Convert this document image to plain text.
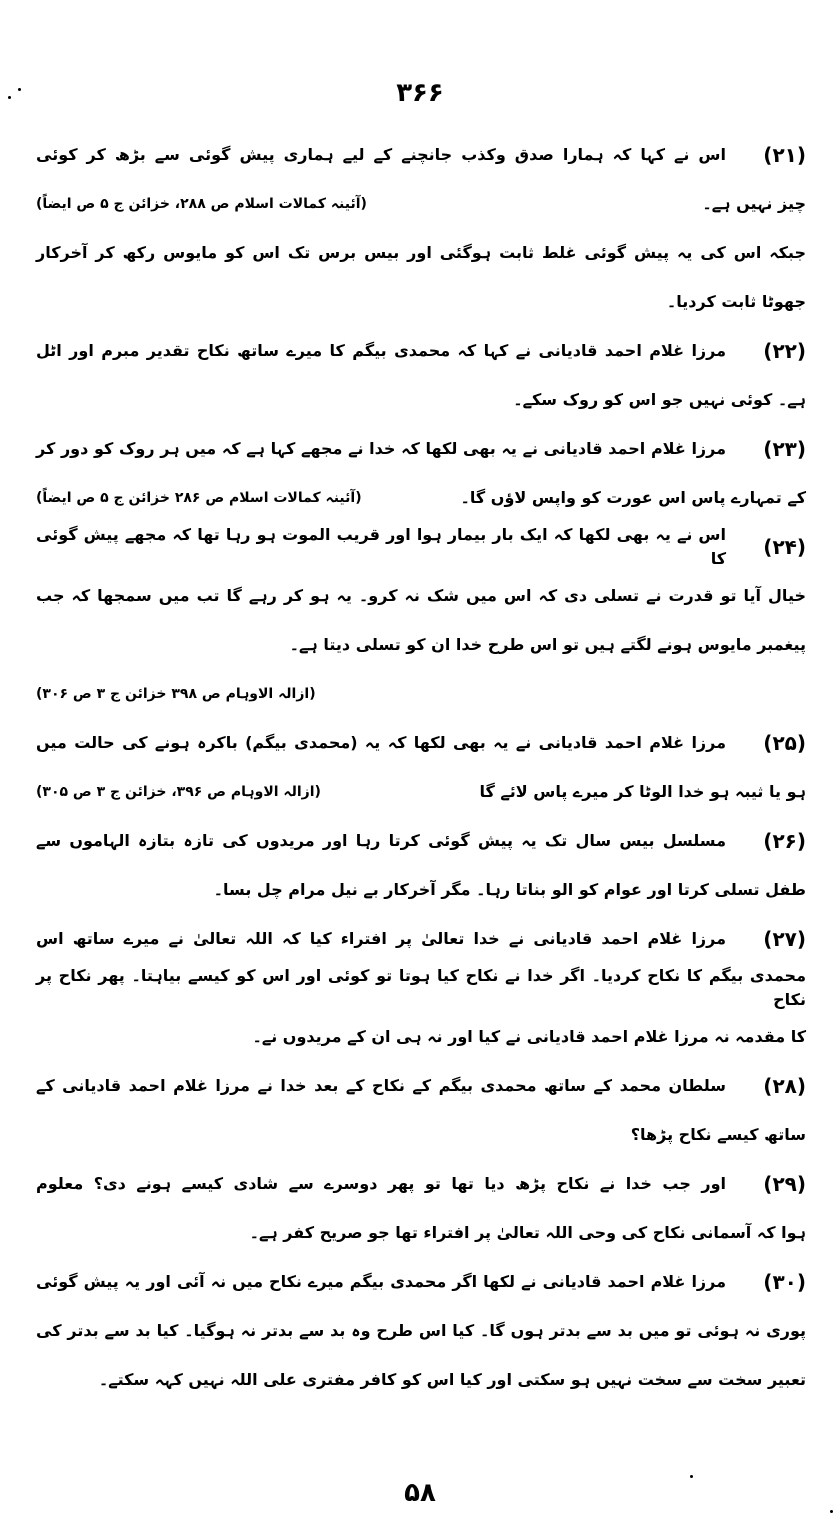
۳۶۶
(۲۱)
اس نے کہا کہ ہمارا صدق وکذب جانچنے کے لیے ہماری پیش گوئی سے بڑھ کر کوئی
چیز نہیں ہے۔
(آئینہ کمالات اسلام ص ۲۸۸، خزائن ج ۵ ص ایضاً)
جبکہ اس کی یہ پیش گوئی غلط ثابت ہوگئی اور بیس برس تک اس کو مایوس رکھ کر آخرکار
جھوٹا ثابت کردیا۔
(۲۲)
مرزا غلام احمد قادیانی نے کہا کہ محمدی بیگم کا میرے ساتھ نکاح تقدیر مبرم اور اٹل
ہے۔ کوئی نہیں جو اس کو روک سکے۔
(۲۳)
مرزا غلام احمد قادیانی نے یہ بھی لکھا کہ خدا نے مجھے کہا ہے کہ میں ہر روک کو دور کر
کے تمہارے پاس اس عورت کو واپس لاؤں گا۔
(آئینہ کمالات اسلام ص ۲۸۶ خزائن ج ۵ ص ایضاً)
(۲۴)
اس نے یہ بھی لکھا کہ ایک بار بیمار ہوا اور قریب الموت ہو رہا تھا کہ مجھے پیش گوئی کا
خیال آیا تو قدرت نے تسلی دی کہ اس میں شک نہ کرو۔ یہ ہو کر رہے گا تب میں سمجھا کہ جب
پیغمبر مایوس ہونے لگتے ہیں تو اس طرح خدا ان کو تسلی دیتا ہے۔
(ازالہ الاوہام ص ۳۹۸ خزائن ج ۳ ص ۳۰۶)
(۲۵)
مرزا غلام احمد قادیانی نے یہ بھی لکھا کہ یہ (محمدی بیگم) باکرہ ہونے کی حالت میں
ہو یا ثیبہ ہو خدا الوٹا کر میرے پاس لائے گا
(ازالہ الاوہام ص ۳۹۶، خزائن ج ۳ ص ۳۰۵)
(۲۶)
مسلسل بیس سال تک یہ پیش گوئی کرتا رہا اور مریدوں کی تازہ بتازہ الہاموں سے
طفل تسلی کرتا اور عوام کو الو بناتا رہا۔ مگر آخرکار بے نیل مرام چل بسا۔
(۲۷)
مرزا غلام احمد قادیانی نے خدا تعالیٰ پر افتراء کیا کہ اللہ تعالیٰ نے میرے ساتھ اس
محمدی بیگم کا نکاح کردیا۔ اگر خدا نے نکاح کیا ہوتا تو کوئی اور اس کو کیسے بیاہتا۔ پھر نکاح پر نکاح
کا مقدمہ نہ مرزا غلام احمد قادیانی نے کیا اور نہ ہی ان کے مریدوں نے۔
(۲۸)
سلطان محمد کے ساتھ محمدی بیگم کے نکاح کے بعد خدا نے مرزا غلام احمد قادیانی کے
ساتھ کیسے نکاح پڑھا؟
(۲۹)
اور جب خدا نے نکاح پڑھ دیا تھا تو پھر دوسرے سے شادی کیسے ہونے دی؟ معلوم
ہوا کہ آسمانی نکاح کی وحی اللہ تعالیٰ پر افتراء تھا جو صریح کفر ہے۔
(۳۰)
مرزا غلام احمد قادیانی نے لکھا اگر محمدی بیگم میرے نکاح میں نہ آئی اور یہ پیش گوئی
پوری نہ ہوئی تو میں بد سے بدتر ہوں گا۔ کیا اس طرح وہ بد سے بدتر نہ ہوگیا۔ کیا بد سے بدتر کی
تعبیر سخت سے سخت نہیں ہو سکتی اور کیا اس کو کافر مفتری علی اللہ نہیں کہہ سکتے۔
۵۸
